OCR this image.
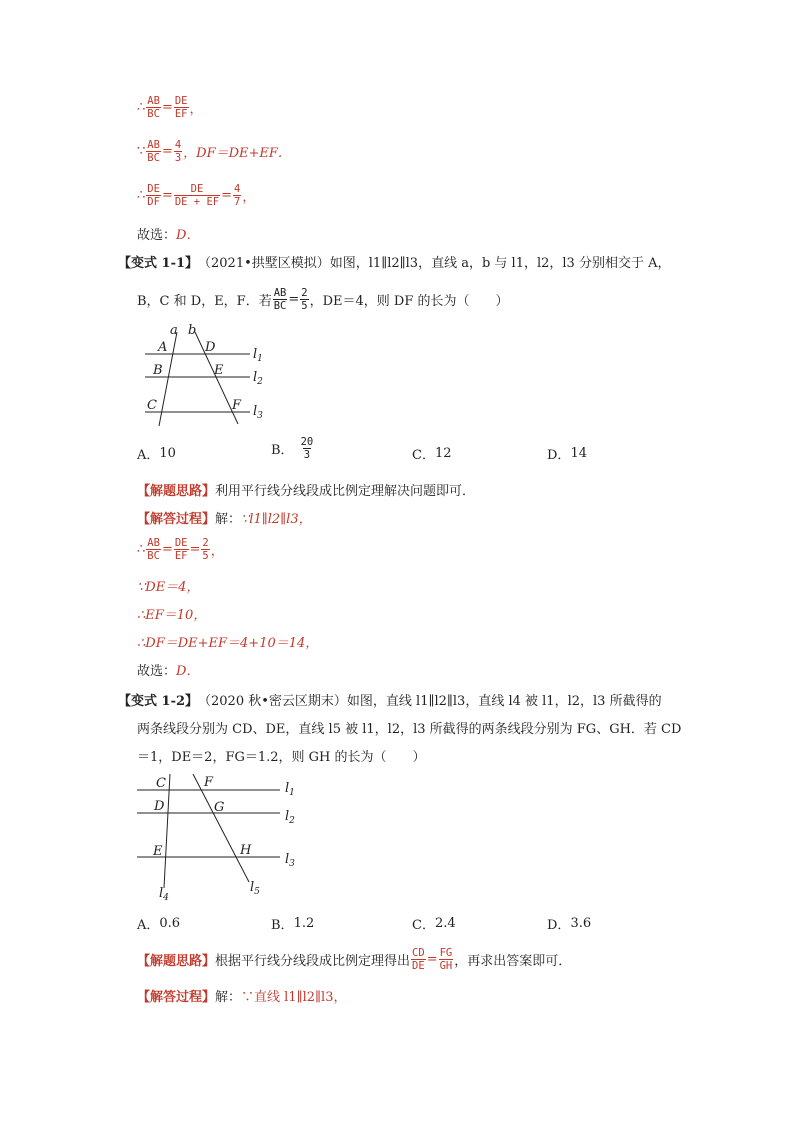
∴ $\frac{AB}{BC} = \frac{DE}{EF}$ ，
∵ $\frac{AB}{BC} = \frac{4}{3}$ ，DF＝DE+EF．
∴ $\frac{DE}{DF} = \frac{DE}{DE + EF} = \frac{4}{7}$ ，
故选： D．
【变式 1-1】 （2021•拱墅区模拟）如图，l1∥l2∥l3，直线 a，b 与 l1，l2，l3 分别相交于 A，
B，C 和 D，E，F．若 $\frac{AB}{BC} = \frac{2}{5}$ ，DE＝4，则 DF 的长为（　　）
a b
A	D
B	E
C	F
$l_1$
$l_2$
$l_3$
A． 10	B． $\frac{20}{3}$	C． 12	D． 14
【解题思路】 利用平行线分线段成比例定理解决问题即可．
【解答过程】 解： ∵l1∥l2∥l3，
∴ $\frac{AB}{BC} = \frac{DE}{EF} = \frac{2}{5}$ ，
∵DE＝4，
∴EF＝10，
∴DF＝DE+EF＝4+10＝14，
故选： D．
【变式 1-2】 （2020 秋•密云区期末）如图，直线 l1∥l2∥l3，直线 l4 被 l1，l2，l3 所截得的
两条线段分别为 CD、DE，直线 l5 被 l1，l2，l3 所截得的两条线段分别为 FG、GH．若 CD
＝1，DE＝2，FG＝1.2，则 GH 的长为（　　）
C	F
D	G
E	H
$l_1$
$l_2$
$l_3$
$l_4$
$l_5$
A． 0.6	B． 1.2	C． 2.4	D． 3.6
【解题思路】 根据平行线分线段成比例定理得出 $\frac{CD}{DE} = \frac{FG}{GH}$ ，再求出答案即可．
【解答过程】 解： ∵直线 l1∥l2∥l3，
